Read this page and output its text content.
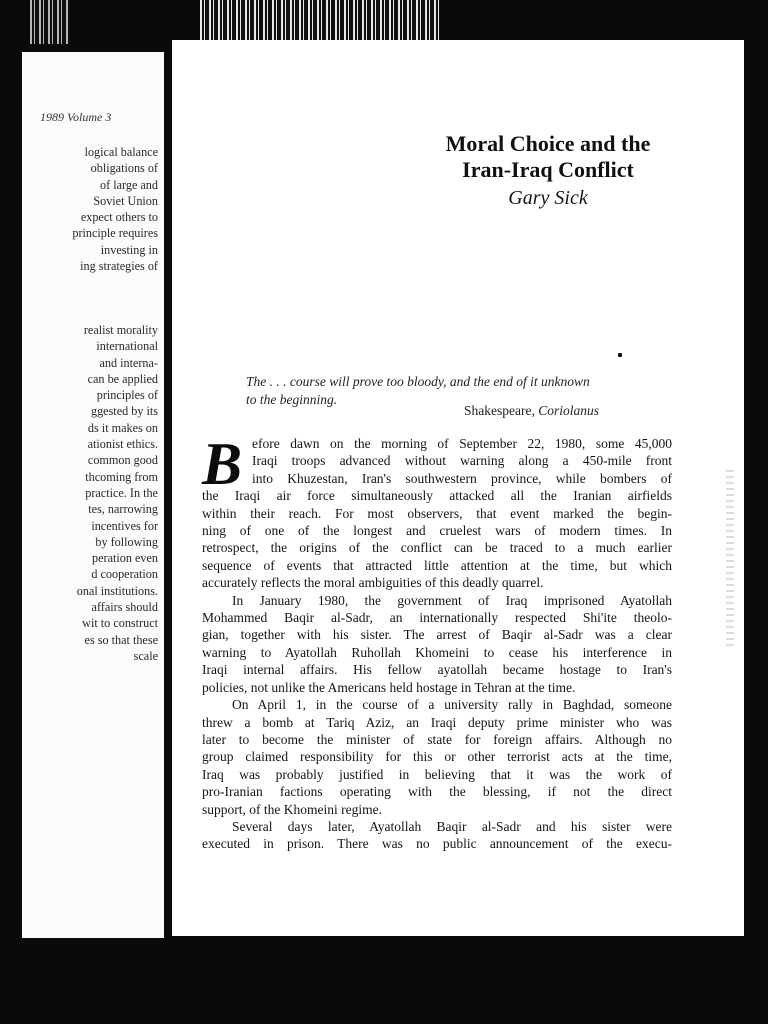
1989 Volume 3
logical balance
obligations of
of large and
Soviet Union
expect others to
principle requires
investing in
ing strategies of
realist morality
international
and interna-
can be applied
principles of
ggested by its
ds it makes on
ationist ethics.
common good
thcoming from
practice. In the
tes, narrowing
incentives for
by following
peration even
d cooperation
onal institutions.
affairs should
wit to construct
es so that these
scale
Moral Choice and the
Iran-Iraq Conflict
Gary Sick
The . . . course will prove too bloody, and the end of it unknown
to the beginning.
Shakespeare, Coriolanus
B efore dawn on the morning of September 22, 1980, some 45,000
Iraqi troops advanced without warning along a 450-mile front
into Khuzestan, Iran's southwestern province, while bombers of
the Iraqi air force simultaneously attacked all the Iranian airfields
within their reach. For most observers, that event marked the begin-
ning of one of the longest and cruelest wars of modern times. In
retrospect, the origins of the conflict can be traced to a much earlier
sequence of events that attracted little attention at the time, but which
accurately reflects the moral ambiguities of this deadly quarrel.
In January 1980, the government of Iraq imprisoned Ayatollah
Mohammed Baqir al-Sadr, an internationally respected Shi'ite theolo-
gian, together with his sister. The arrest of Baqir al-Sadr was a clear
warning to Ayatollah Ruhollah Khomeini to cease his interference in
Iraqi internal affairs. His fellow ayatollah became hostage to Iran's
policies, not unlike the Americans held hostage in Tehran at the time.
On April 1, in the course of a university rally in Baghdad, someone
threw a bomb at Tariq Aziz, an Iraqi deputy prime minister who was
later to become the minister of state for foreign affairs. Although no
group claimed responsibility for this or other terrorist acts at the time,
Iraq was probably justified in believing that it was the work of
pro-Iranian factions operating with the blessing, if not the direct
support, of the Khomeini regime.
Several days later, Ayatollah Baqir al-Sadr and his sister were
executed in prison. There was no public announcement of the execu-
